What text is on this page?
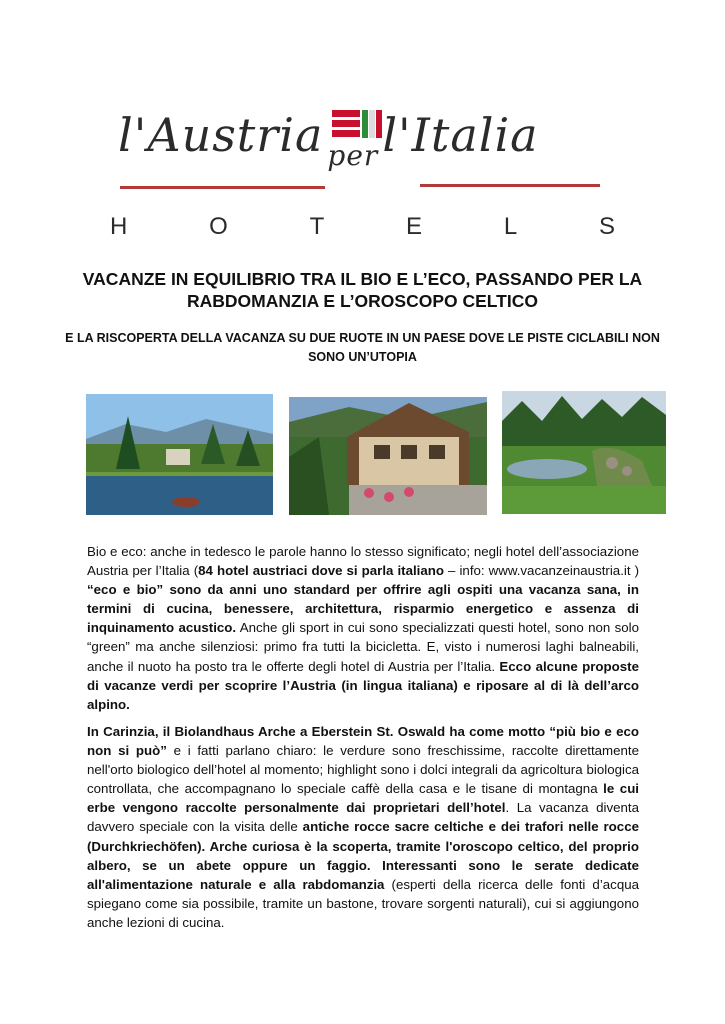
l'Austria $_{per}$l'Italia
H	O	T	E	L	S
VACANZE IN EQUILIBRIO TRA IL BIO E L’ECO, PASSANDO PER LA RABDOMANZIA E L’OROSCOPO CELTICO
E LA RISCOPERTA DELLA VACANZA SU DUE RUOTE IN UN PAESE DOVE LE PISTE CICLABILI NON SONO UN’UTOPIA

Bio e eco: anche in tedesco le parole hanno lo stesso significato; negli hotel dell’associazione Austria per l’Italia (84 hotel austriaci dove si parla italiano – info: www.vacanzeinaustria.it ) “eco e bio” sono da anni uno standard per offrire agli ospiti una vacanza sana, in termini di cucina, benessere, architettura, risparmio energetico e assenza di inquinamento acustico. Anche gli sport in cui sono specializzati questi hotel, sono non solo “green” ma anche silenziosi: primo fra tutti la bicicletta. E, visto i numerosi laghi balneabili, anche il nuoto ha posto tra le offerte degli hotel di Austria per l’Italia. Ecco alcune proposte di vacanze verdi per scoprire l’Austria (in lingua italiana) e riposare al di là dell’arco alpino.

In Carinzia, il Biolandhaus Arche a Eberstein St. Oswald ha come motto “più bio e eco non si può” e i fatti parlano chiaro: le verdure sono freschissime, raccolte direttamente nell'orto biologico dell’hotel al momento; highlight sono i dolci integrali da agricoltura biologica controllata, che accompagnano lo speciale caffè della casa e le tisane di montagna le cui erbe vengono raccolte personalmente dai proprietari dell’hotel. La vacanza diventa davvero speciale con la visita delle antiche rocce sacre celtiche e dei trafori nelle rocce (Durchkriechöfen). Arche curiosa è la scoperta, tramite l'oroscopo celtico, del proprio albero, se un abete oppure un faggio. Interessanti sono le serate dedicate all'alimentazione naturale e alla rabdomanzia (esperti della ricerca delle fonti d’acqua spiegano come sia possibile, tramite un bastone, trovare sorgenti naturali), cui si aggiungono anche lezioni di cucina.
